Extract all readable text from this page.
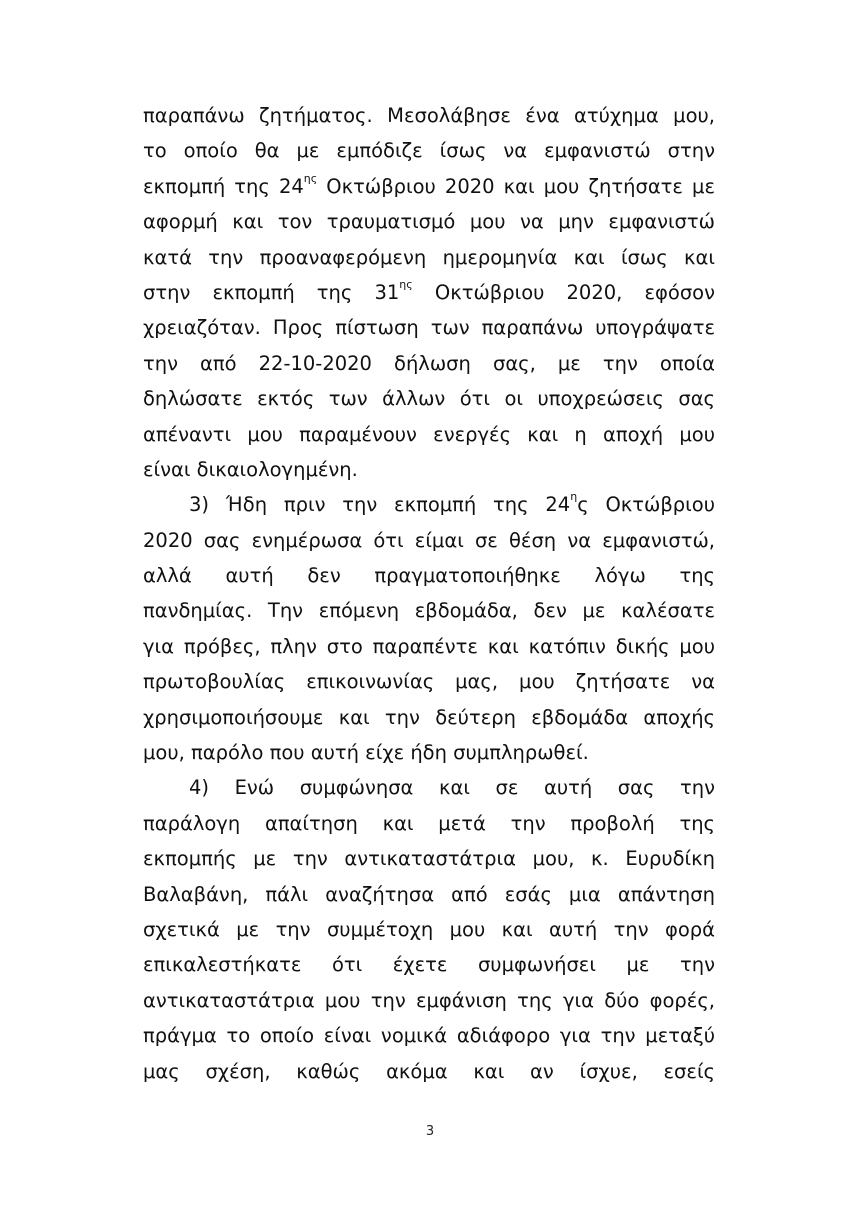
παραπάνω ζητήματος. Μεσολάβησε ένα ατύχημα μου,
το οποίο θα με εμπόδιζε ίσως να εμφανιστώ στην
εκπομπή της $24^{\eta\varsigma}$ Οκτώβριου 2020 και μου ζητήσατε με
αφορμή και τον τραυματισμό μου να μην εμφανιστώ
κατά την προαναφερόμενη ημερομηνία και ίσως και
στην εκπομπή της $31^{\eta\varsigma}$ Οκτώβριου 2020, εφόσον
χρειαζόταν. Προς πίστωση των παραπάνω υπογράψατε
την από 22-10-2020 δήλωση σας, με την οποία
δηλώσατε εκτός των άλλων ότι οι υποχρεώσεις σας
απέναντι μου παραμένουν ενεργές και η αποχή μου
είναι δικαιολογημένη.
3) Ήδη πριν την εκπομπή της $24^\eta\varsigma$ Οκτώβριου
2020 σας ενημέρωσα ότι είμαι σε θέση να εμφανιστώ,
αλλά αυτή δεν πραγματοποιήθηκε λόγω της
πανδημίας. Την επόμενη εβδομάδα, δεν με καλέσατε
για πρόβες, πλην στο παραπέντε και κατόπιν δικής μου
πρωτοβουλίας επικοινωνίας μας, μου ζητήσατε να
χρησιμοποιήσουμε και την δεύτερη εβδομάδα αποχής
μου, παρόλο που αυτή είχε ήδη συμπληρωθεί.
4) Ενώ συμφώνησα και σε αυτή σας την
παράλογη απαίτηση και μετά την προβολή της
εκπομπής με την αντικαταστάτρια μου, κ. Ευρυδίκη
Βαλαβάνη, πάλι αναζήτησα από εσάς μια απάντηση
σχετικά με την συμμέτοχη μου και αυτή την φορά
επικαλεστήκατε ότι έχετε συμφωνήσει με την
αντικαταστάτρια μου την εμφάνιση της για δύο φορές,
πράγμα το οποίο είναι νομικά αδιάφορο για την μεταξύ
μας σχέση, καθώς ακόμα και αν ίσχυε, εσείς
3
